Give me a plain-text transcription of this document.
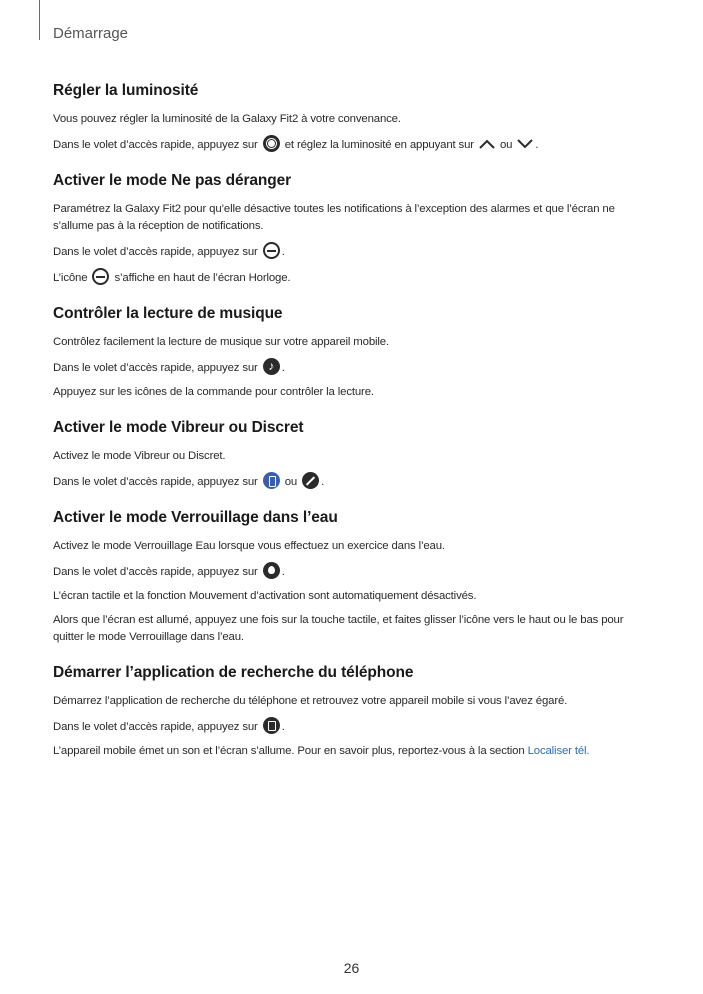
Démarrage
Régler la luminosité

Vous pouvez régler la luminosité de la Galaxy Fit2 à votre convenance.

Dans le volet d’accès rapide, appuyez sur et réglez la luminosité en appuyant sur ou .

Activer le mode Ne pas déranger

Paramétrez la Galaxy Fit2 pour qu’elle désactive toutes les notifications à l’exception des alarmes et que l’écran ne s’allume pas à la réception de notifications.

Dans le volet d’accès rapide, appuyez sur .

L’icône s’affiche en haut de l’écran Horloge.

Contrôler la lecture de musique

Contrôlez facilement la lecture de musique sur votre appareil mobile.

Dans le volet d’accès rapide, appuyez sur ♪ .

Appuyez sur les icônes de la commande pour contrôler la lecture.

Activer le mode Vibreur ou Discret

Activez le mode Vibreur ou Discret.

Dans le volet d’accès rapide, appuyez sur ou .

Activer le mode Verrouillage dans l’eau

Activez le mode Verrouillage Eau lorsque vous effectuez un exercice dans l’eau.

Dans le volet d’accès rapide, appuyez sur .

L’écran tactile et la fonction Mouvement d’activation sont automatiquement désactivés.

Alors que l’écran est allumé, appuyez une fois sur la touche tactile, et faites glisser l’icône vers le haut ou le bas pour quitter le mode Verrouillage dans l’eau.

Démarrer l’application de recherche du téléphone

Démarrez l’application de recherche du téléphone et retrouvez votre appareil mobile si vous l’avez égaré.

Dans le volet d’accès rapide, appuyez sur .

L’appareil mobile émet un son et l’écran s’allume. Pour en savoir plus, reportez-vous à la section Localiser tél.

26
